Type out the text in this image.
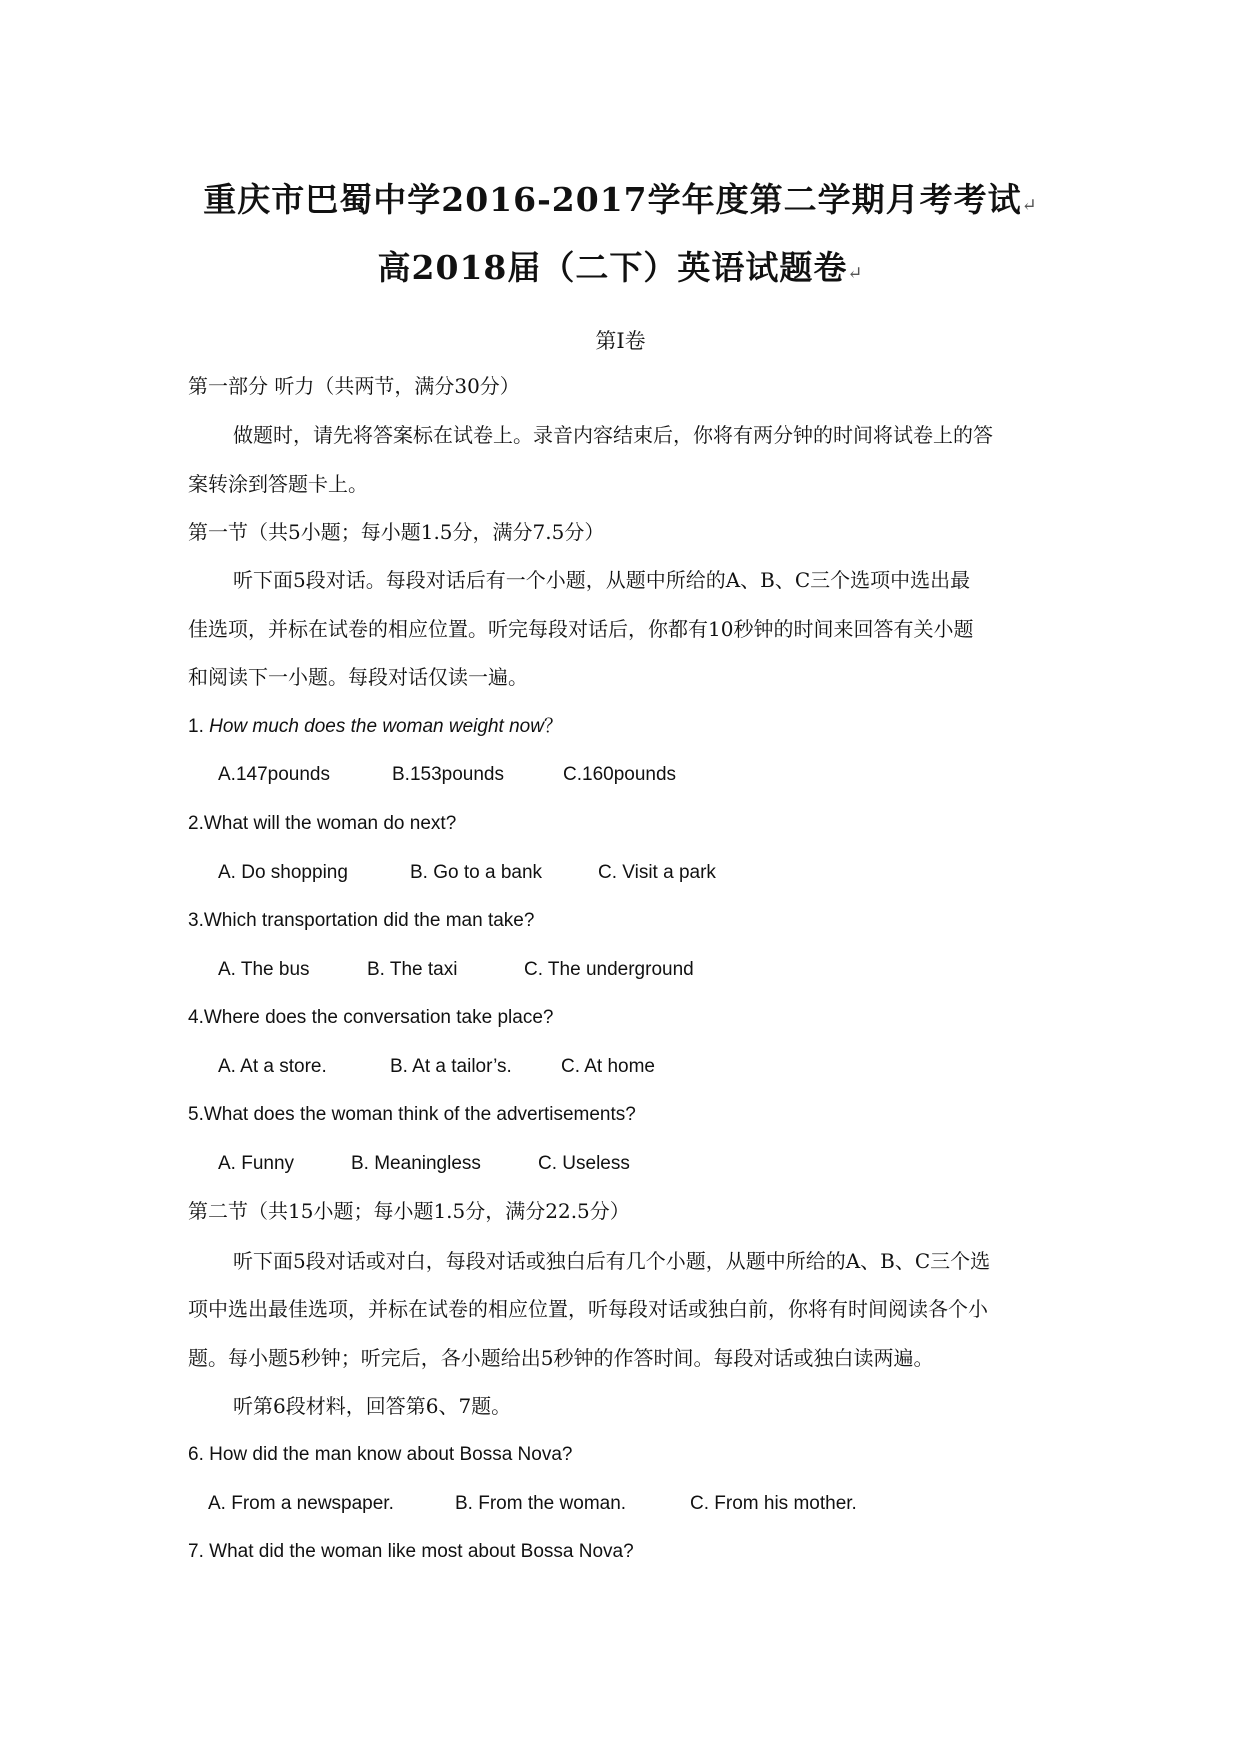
重庆市巴蜀中学2016-2017学年度第二学期月考考试↵
高2018届（二下）英语试题卷↵
第Ⅰ卷
第一部分 听力（共两节，满分30分）
做题时，请先将答案标在试卷上。录音内容结束后，你将有两分钟的时间将试卷上的答
案转涂到答题卡上。
第一节（共5小题；每小题1.5分，满分7.5分）
听下面5段对话。每段对话后有一个小题，从题中所给的A、B、C三个选项中选出最
佳选项，并标在试卷的相应位置。听完每段对话后，你都有10秒钟的时间来回答有关小题
和阅读下一小题。每段对话仅读一遍。
1. How much does the woman weight now？
A.147pounds	B.153pounds	C.160pounds
2.What will the woman do next?
A. Do shopping	B. Go to a bank	C. Visit a park
3.Which transportation did the man take?
A. The bus	B. The taxi	C. The underground
4.Where does the conversation take place?
A. At a store.	B. At a tailor’s.	C. At home
5.What does the woman think of the advertisements?
A. Funny	B. Meaningless	C. Useless
第二节（共15小题；每小题1.5分，满分22.5分）
听下面5段对话或对白，每段对话或独白后有几个小题，从题中所给的A、B、C三个选
项中选出最佳选项，并标在试卷的相应位置，听每段对话或独白前，你将有时间阅读各个小
题。每小题5秒钟；听完后，各小题给出5秒钟的作答时间。每段对话或独白读两遍。
听第6段材料，回答第6、7题。
6. How did the man know about Bossa Nova?
A. From a newspaper.	B. From the woman.	C. From his mother.
7. What did the woman like most about Bossa Nova?
